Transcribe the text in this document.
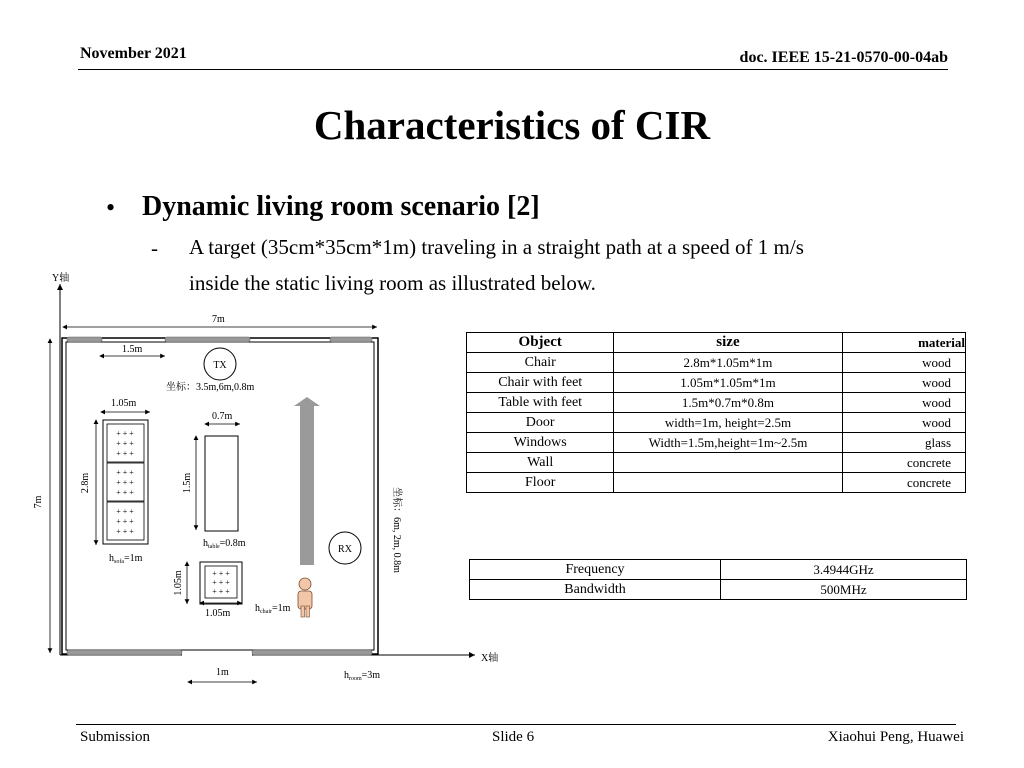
November 2021	doc. IEEE 15-21-0570-00-04ab
Characteristics of CIR
• Dynamic living room scenario [2]
- A target (35cm*35cm*1m) traveling in a straight path at a speed of 1 m/s
inside the static living room as illustrated below.
Y轴
X轴
7m
7m
1.5m
TX
坐标：3.5m,6m,0.8m
1.05m
2.8m
+ + +
+ + +
+ + +
+ + +
+ + +
+ + +
+ + +
+ + +
+ + +
$h_{sofa}=1m$
0.7m
1.5m
$h_{table}=0.8m$
RX	坐标：6m, 2m, 0.8m
1.05m	+ + +
+ + +
+ + +
1.05m $h_{chair}=1m$
1m	$h_{room}=3m$
Object	size	material
Chair	2.8m*1.05m*1m	wood
Chair with feet	1.05m*1.05m*1m	wood
Table with feet	1.5m*0.7m*0.8m	wood
Door	width=1m, height=2.5m	wood
Windows	Width=1.5m,height=1m~2.5m	glass
Wall		concrete
Floor		concrete
Frequency	3.4944GHz
Bandwidth	500MHz
Submission	Slide 6	Xiaohui Peng, Huawei
